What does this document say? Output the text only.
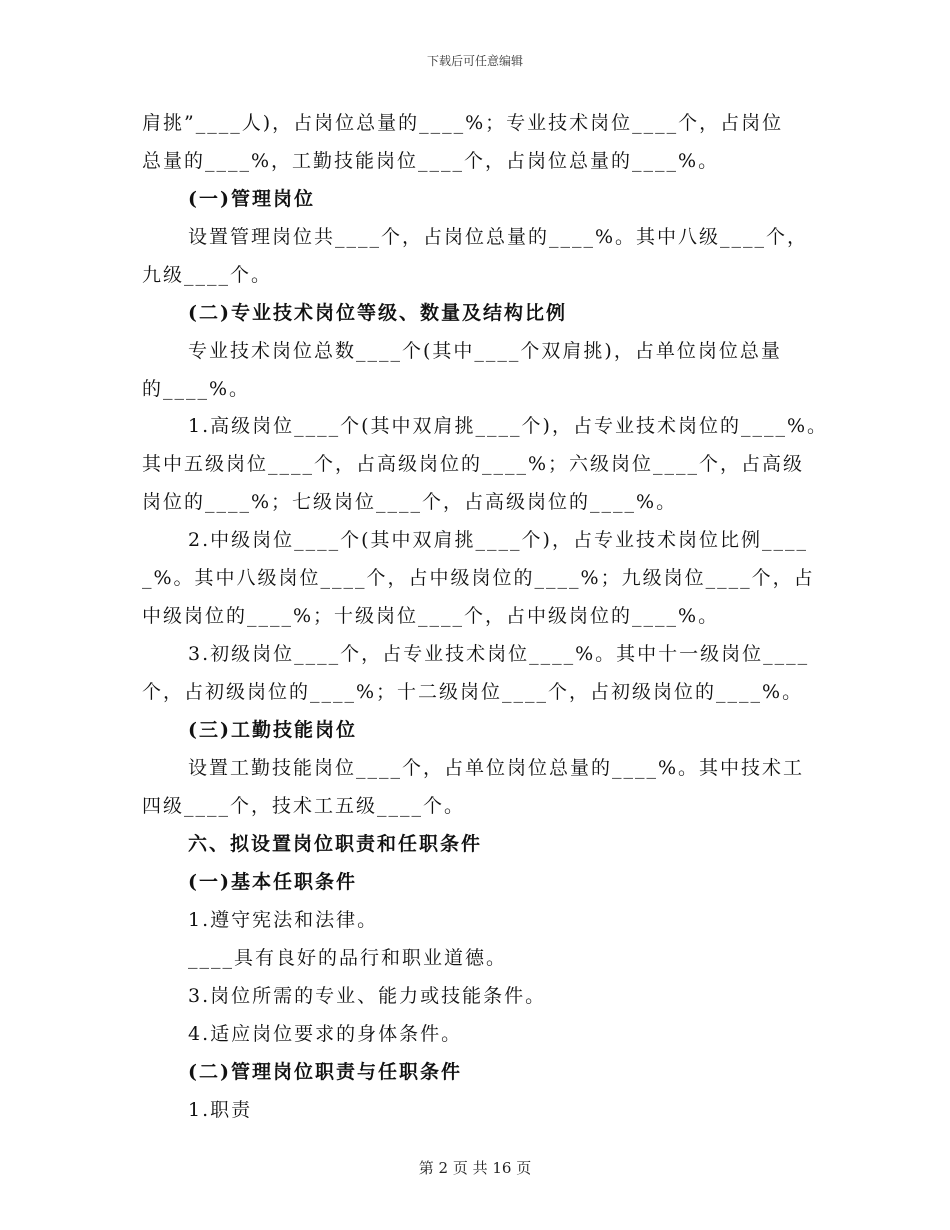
下载后可任意编辑
肩挑”____人)，占岗位总量的____%；专业技术岗位____个，占岗位
总量的____%，工勤技能岗位____个，占岗位总量的____%。
(一)管理岗位
设置管理岗位共____个，占岗位总量的____%。其中八级____个，
九级____个。
(二)专业技术岗位等级、数量及结构比例
专业技术岗位总数____个(其中____个双肩挑)，占单位岗位总量
的____%。
1.高级岗位____个(其中双肩挑____个)，占专业技术岗位的____%。
其中五级岗位____个，占高级岗位的____%；六级岗位____个，占高级
岗位的____%；七级岗位____个，占高级岗位的____%。
2.中级岗位____个(其中双肩挑____个)，占专业技术岗位比例____
_%。其中八级岗位____个，占中级岗位的____%；九级岗位____个，占
中级岗位的____%；十级岗位____个，占中级岗位的____%。
3.初级岗位____个，占专业技术岗位____%。其中十一级岗位____
个，占初级岗位的____%；十二级岗位____个，占初级岗位的____%。
(三)工勤技能岗位
设置工勤技能岗位____个，占单位岗位总量的____%。其中技术工
四级____个，技术工五级____个。
六、拟设置岗位职责和任职条件
(一)基本任职条件
1.遵守宪法和法律。
____具有良好的品行和职业道德。
3.岗位所需的专业、能力或技能条件。
4.适应岗位要求的身体条件。
(二)管理岗位职责与任职条件
1.职责
第 2 页 共 16 页
